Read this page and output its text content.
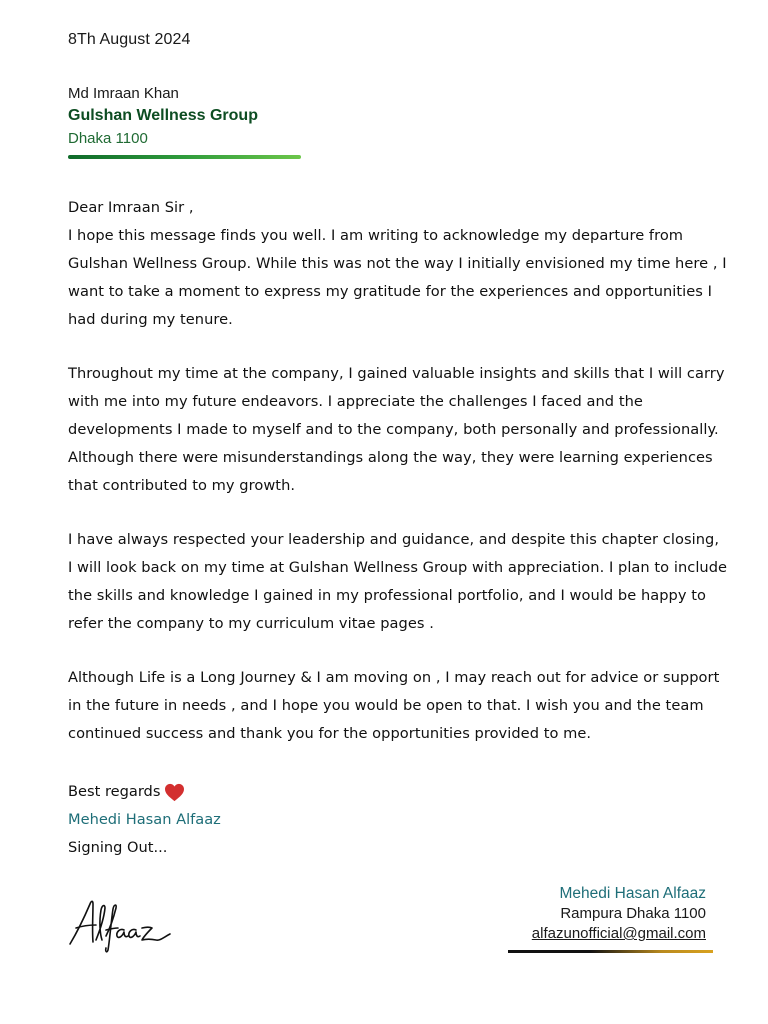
8Th August 2024
Md Imraan Khan
Gulshan Wellness Group
Dhaka 1100

Dear Imraan Sir ,

I hope this message finds you well. I am writing to acknowledge my departure from Gulshan Wellness Group. While this was not the way I initially envisioned my time here , I want to take a moment to express my gratitude for the experiences and opportunities I had during my tenure.

Throughout my time at the company, I gained valuable insights and skills that I will carry with me into my future endeavors. I appreciate the challenges I faced and the developments I made to myself and to the company, both personally and professionally. Although there were misunderstandings along the way, they were learning experiences that contributed to my growth.

I have always respected your leadership and guidance, and despite this chapter closing, I will look back on my time at Gulshan Wellness Group with appreciation. I plan to include the skills and knowledge I gained in my professional portfolio, and I would be happy to refer the company to my curriculum vitae pages .

Although Life is a Long Journey & I am moving on , I may reach out for advice or support in the future in needs , and I hope you would be open to that. I wish you and the team continued success and thank you for the opportunities provided to me.

Best regards
Mehedi Hasan Alfaaz
Signing Out...
Mehedi Hasan Alfaaz
Rampura Dhaka 1100
alfazunofficial@gmail.com
